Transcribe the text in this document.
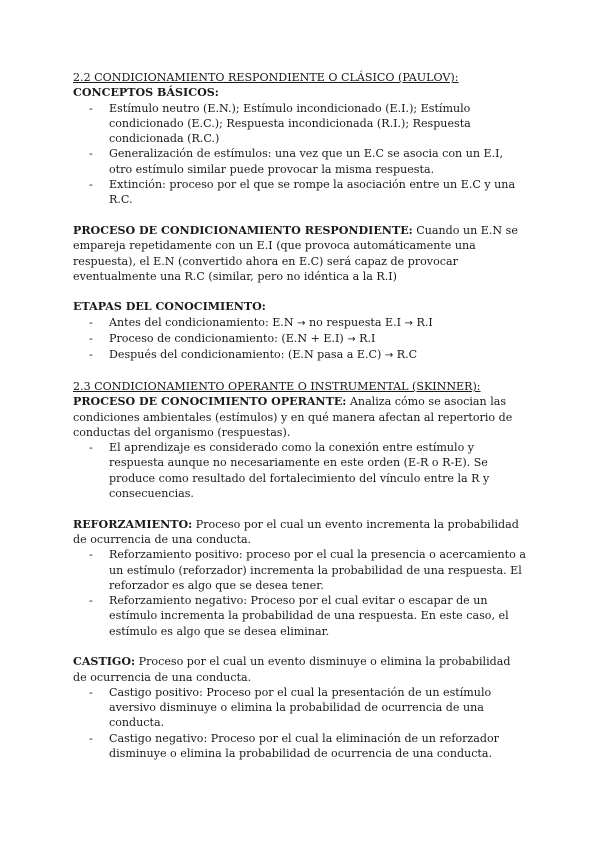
2.2 CONDICIONAMIENTO RESPONDIENTE O CLÁSICO (PAULOV):

CONCEPTOS BÁSICOS:

- Estímulo neutro (E.N.); Estímulo incondicionado (E.I.); Estímulo condicionado (E.C.); Respuesta incondicionada (R.I.); Respuesta condicionada (R.C.)
- Generalización de estímulos: una vez que un E.C se asocia con un E.I, otro estímulo similar puede provocar la misma respuesta.
- Extinción: proceso por el que se rompe la asociación entre un E.C y una R.C.

PROCESO DE CONDICIONAMIENTO RESPONDIENTE: Cuando un E.N se empareja repetidamente con un E.I (que provoca automáticamente una respuesta), el E.N (convertido ahora en E.C) será capaz de provocar eventualmente una R.C (similar, pero no idéntica a la R.I)

ETAPAS DEL CONOCIMIENTO:

- Antes del condicionamiento: E.N → no respuesta E.I → R.I
- Proceso de condicionamiento: (E.N + E.I) → R.I
- Después del condicionamiento: (E.N pasa a E.C) → R.C

2.3 CONDICIONAMIENTO OPERANTE O INSTRUMENTAL (SKINNER):

PROCESO DE CONOCIMIENTO OPERANTE: Analiza cómo se asocian las condiciones ambientales (estímulos) y en qué manera afectan al repertorio de conductas del organismo (respuestas).

- El aprendizaje es considerado como la conexión entre estímulo y respuesta aunque no necesariamente en este orden (E-R o R-E). Se produce como resultado del fortalecimiento del vínculo entre la R y consecuencias.

REFORZAMIENTO: Proceso por el cual un evento incrementa la probabilidad de ocurrencia de una conducta.

- Reforzamiento positivo: proceso por el cual la presencia o acercamiento a un estímulo (reforzador) incrementa la probabilidad de una respuesta. El reforzador es algo que se desea tener.
- Reforzamiento negativo: Proceso por el cual evitar o escapar de un estímulo incrementa la probabilidad de una respuesta. En este caso, el estímulo es algo que se desea eliminar.

CASTIGO: Proceso por el cual un evento disminuye o elimina la probabilidad de ocurrencia de una conducta.

- Castigo positivo: Proceso por el cual la presentación de un estímulo aversivo disminuye o elimina la probabilidad de ocurrencia de una conducta.
- Castigo negativo: Proceso por el cual la eliminación de un reforzador disminuye o elimina la probabilidad de ocurrencia de una conducta.
